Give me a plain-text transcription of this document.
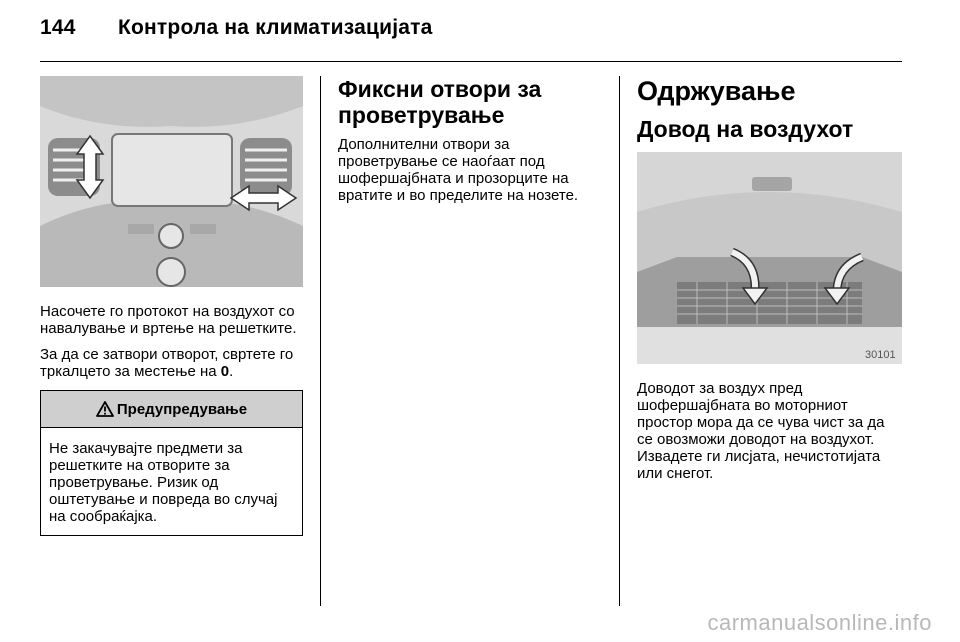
144 Контрола на климатизацијата

Насочете го протокот на воздухот со навалување и вртење на решетките.

За да се затвори отворот, свртете го тркалцето за местење на 0.

Предупредување
Не закачувајте предмети за решетките на отворите за проветрување. Ризик од оштетување и повреда во случај на сообраќајка.
Фиксни отвори за проветрување

Дополнителни отвори за проветрување се наоѓаат под шофершајбната и прозорците на вратите и во пределите на нозете.

Одржување
Довод на воздухот
30101

Доводот за воздух пред шофершајбната во моторниот простор мора да се чува чист за да се овозможи доводот на воздухот. Извадете ги лисјата, нечистотијата или снегот.

carmanualsonline.info
